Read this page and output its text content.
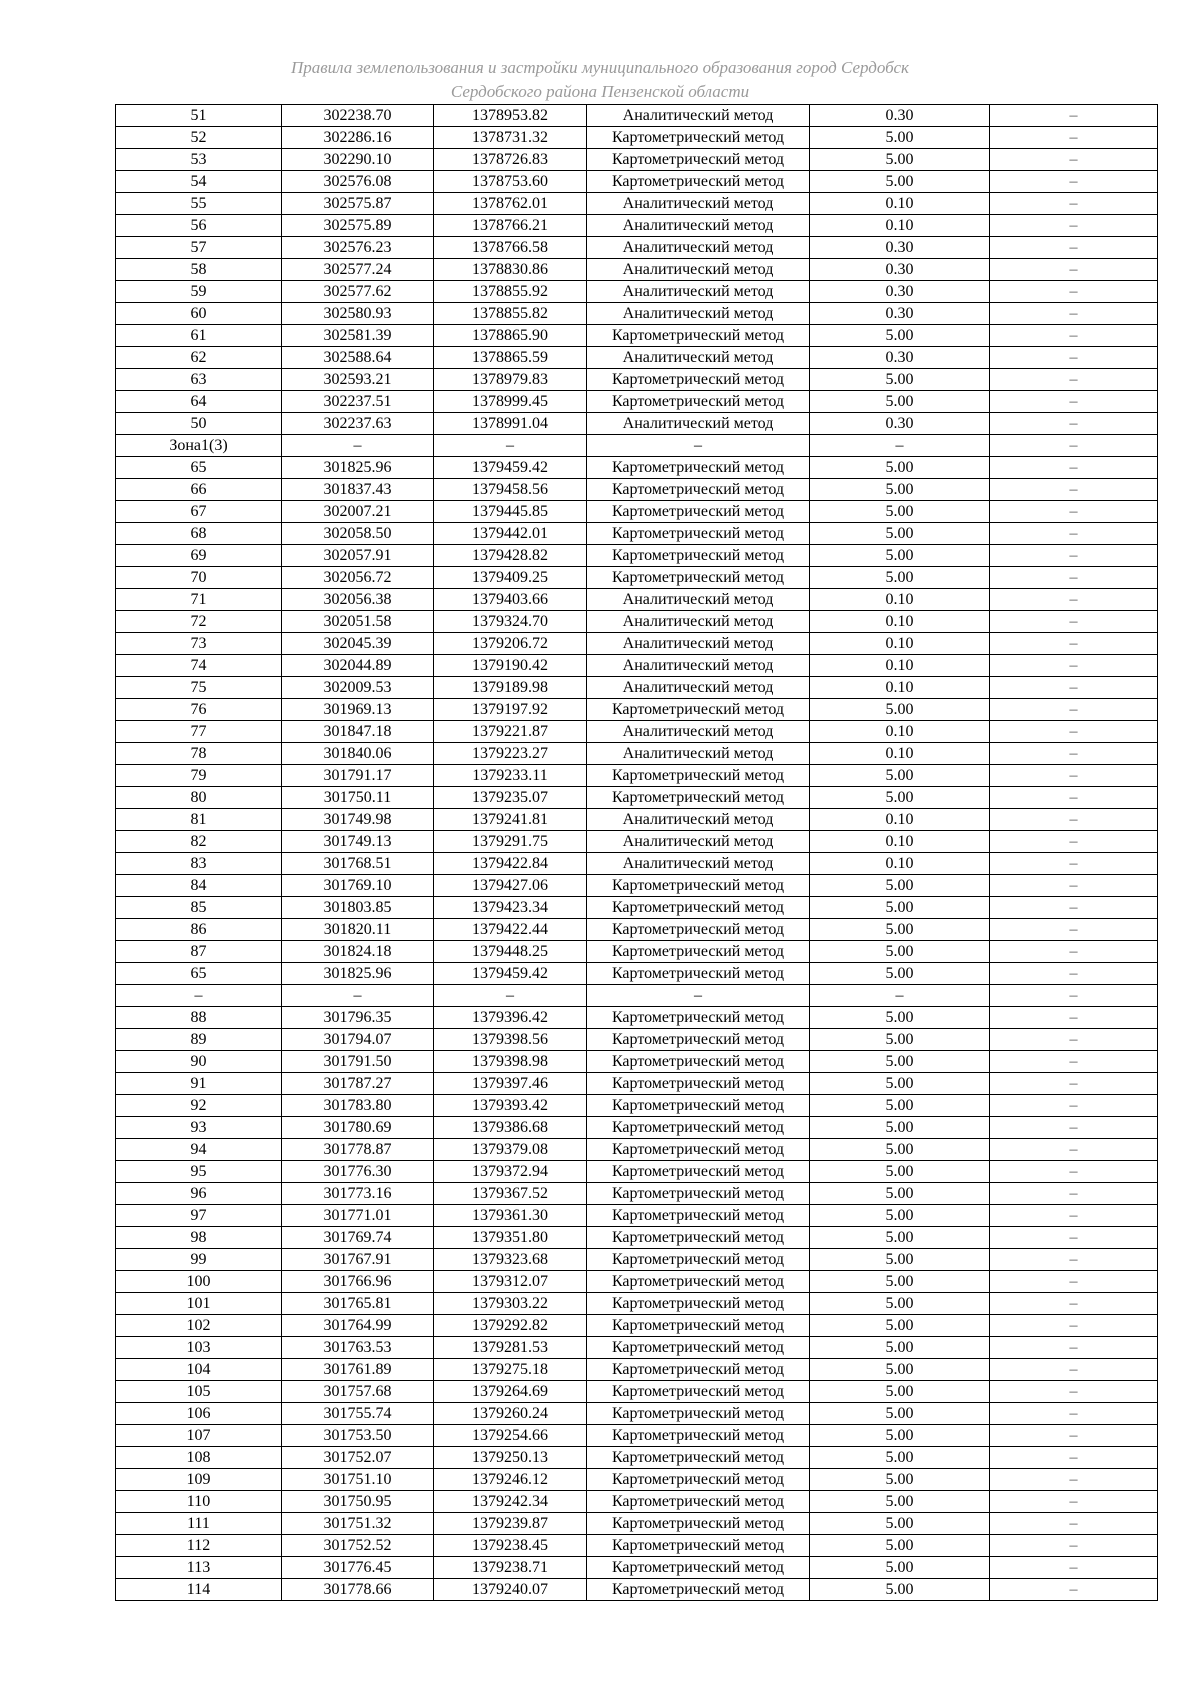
Правила землепользования и застройки муниципального образования город Сердобск
Сердобского района Пензенской области
51	302238.70	1378953.82	Аналитический метод	0.30	–
52	302286.16	1378731.32	Картометрический метод	5.00	–
53	302290.10	1378726.83	Картометрический метод	5.00	–
54	302576.08	1378753.60	Картометрический метод	5.00	–
55	302575.87	1378762.01	Аналитический метод	0.10	–
56	302575.89	1378766.21	Аналитический метод	0.10	–
57	302576.23	1378766.58	Аналитический метод	0.30	–
58	302577.24	1378830.86	Аналитический метод	0.30	–
59	302577.62	1378855.92	Аналитический метод	0.30	–
60	302580.93	1378855.82	Аналитический метод	0.30	–
61	302581.39	1378865.90	Картометрический метод	5.00	–
62	302588.64	1378865.59	Аналитический метод	0.30	–
63	302593.21	1378979.83	Картометрический метод	5.00	–
64	302237.51	1378999.45	Картометрический метод	5.00	–
50	302237.63	1378991.04	Аналитический метод	0.30	–
Зона1(3)	–	–	–	–	–
65	301825.96	1379459.42	Картометрический метод	5.00	–
66	301837.43	1379458.56	Картометрический метод	5.00	–
67	302007.21	1379445.85	Картометрический метод	5.00	–
68	302058.50	1379442.01	Картометрический метод	5.00	–
69	302057.91	1379428.82	Картометрический метод	5.00	–
70	302056.72	1379409.25	Картометрический метод	5.00	–
71	302056.38	1379403.66	Аналитический метод	0.10	–
72	302051.58	1379324.70	Аналитический метод	0.10	–
73	302045.39	1379206.72	Аналитический метод	0.10	–
74	302044.89	1379190.42	Аналитический метод	0.10	–
75	302009.53	1379189.98	Аналитический метод	0.10	–
76	301969.13	1379197.92	Картометрический метод	5.00	–
77	301847.18	1379221.87	Аналитический метод	0.10	–
78	301840.06	1379223.27	Аналитический метод	0.10	–
79	301791.17	1379233.11	Картометрический метод	5.00	–
80	301750.11	1379235.07	Картометрический метод	5.00	–
81	301749.98	1379241.81	Аналитический метод	0.10	–
82	301749.13	1379291.75	Аналитический метод	0.10	–
83	301768.51	1379422.84	Аналитический метод	0.10	–
84	301769.10	1379427.06	Картометрический метод	5.00	–
85	301803.85	1379423.34	Картометрический метод	5.00	–
86	301820.11	1379422.44	Картометрический метод	5.00	–
87	301824.18	1379448.25	Картометрический метод	5.00	–
65	301825.96	1379459.42	Картометрический метод	5.00	–
–	–	–	–	–	–
88	301796.35	1379396.42	Картометрический метод	5.00	–
89	301794.07	1379398.56	Картометрический метод	5.00	–
90	301791.50	1379398.98	Картометрический метод	5.00	–
91	301787.27	1379397.46	Картометрический метод	5.00	–
92	301783.80	1379393.42	Картометрический метод	5.00	–
93	301780.69	1379386.68	Картометрический метод	5.00	–
94	301778.87	1379379.08	Картометрический метод	5.00	–
95	301776.30	1379372.94	Картометрический метод	5.00	–
96	301773.16	1379367.52	Картометрический метод	5.00	–
97	301771.01	1379361.30	Картометрический метод	5.00	–
98	301769.74	1379351.80	Картометрический метод	5.00	–
99	301767.91	1379323.68	Картометрический метод	5.00	–
100	301766.96	1379312.07	Картометрический метод	5.00	–
101	301765.81	1379303.22	Картометрический метод	5.00	–
102	301764.99	1379292.82	Картометрический метод	5.00	–
103	301763.53	1379281.53	Картометрический метод	5.00	–
104	301761.89	1379275.18	Картометрический метод	5.00	–
105	301757.68	1379264.69	Картометрический метод	5.00	–
106	301755.74	1379260.24	Картометрический метод	5.00	–
107	301753.50	1379254.66	Картометрический метод	5.00	–
108	301752.07	1379250.13	Картометрический метод	5.00	–
109	301751.10	1379246.12	Картометрический метод	5.00	–
110	301750.95	1379242.34	Картометрический метод	5.00	–
111	301751.32	1379239.87	Картометрический метод	5.00	–
112	301752.52	1379238.45	Картометрический метод	5.00	–
113	301776.45	1379238.71	Картометрический метод	5.00	–
114	301778.66	1379240.07	Картометрический метод	5.00	–
